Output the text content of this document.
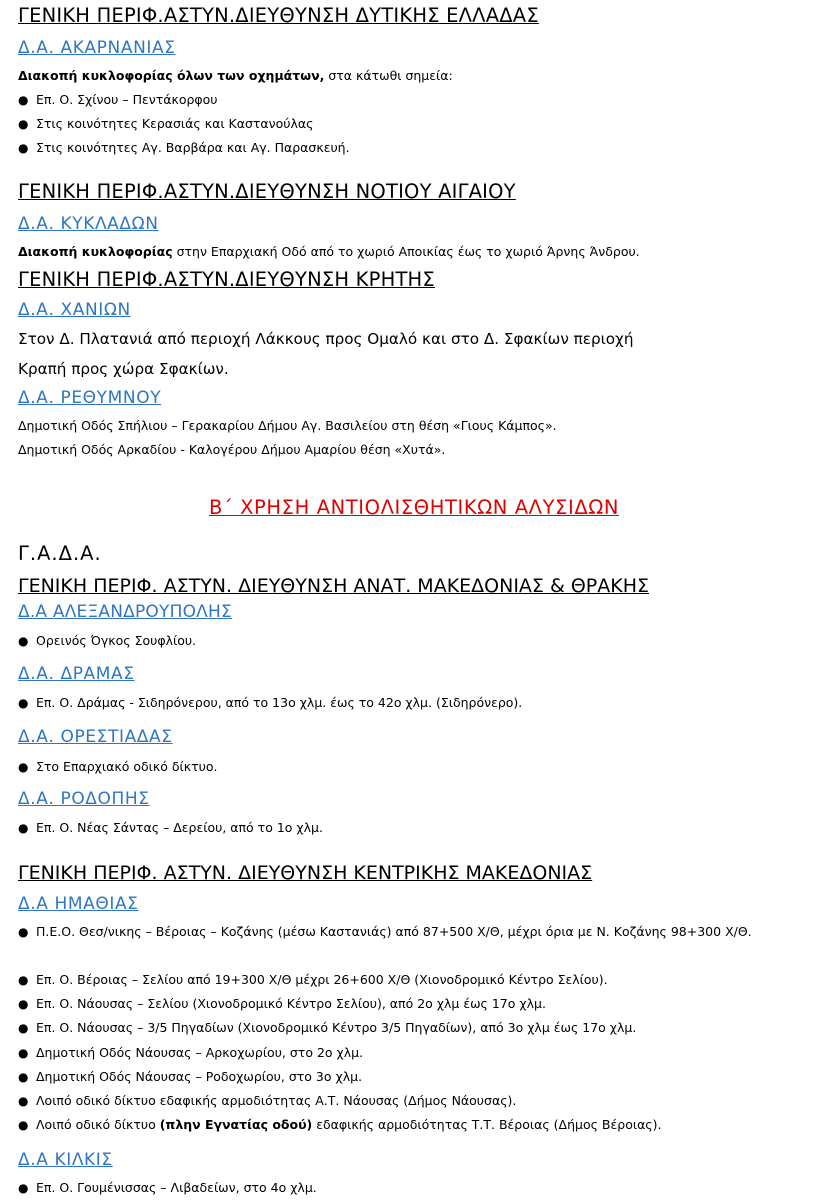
ΓΕΝΙΚΗ ΠΕΡΙΦ.ΑΣΤΥΝ.ΔΙΕΥΘΥΝΣΗ ΔΥΤΙΚΗΣ ΕΛΛΑΔΑΣ
Δ.Α. ΑΚΑΡΝΑΝΙΑΣ
Διακοπή κυκλοφορίας όλων των οχημάτων, στα κάτωθι σημεία:
● Επ. Ο. Σχίνου – Πεντάκορφου
● Στις κοινότητες Κερασιάς και Καστανούλας
● Στις κοινότητες Αγ. Βαρβάρα και Αγ. Παρασκευή.
ΓΕΝΙΚΗ ΠΕΡΙΦ.ΑΣΤΥΝ.ΔΙΕΥΘΥΝΣΗ ΝΟΤΙΟΥ ΑΙΓΑΙΟΥ
Δ.Α. ΚΥΚΛΑΔΩΝ
Διακοπή κυκλοφορίας στην Επαρχιακή Οδό από το χωριό Αποικίας έως το χωριό Άρνης Άνδρου.
ΓΕΝΙΚΗ ΠΕΡΙΦ.ΑΣΤΥΝ.ΔΙΕΥΘΥΝΣΗ ΚΡΗΤΗΣ
Δ.Α. ΧΑΝΙΩΝ
Στον Δ. Πλατανιά από περιοχή Λάκκους προς Ομαλό και στο Δ. Σφακίων περιοχή
Κραπή προς χώρα Σφακίων.
Δ.Α. ΡΕΘΥΜΝΟΥ
Δημοτική Οδός Σπήλιου – Γερακαρίου Δήμου Αγ. Βασιλείου στη θέση «Γιους Κάμπος».
Δημοτική Οδός Αρκαδίου - Καλογέρου Δήμου Αμαρίου θέση «Χυτά».
Β΄ ΧΡΗΣΗ ΑΝΤΙΟΛΙΣΘΗΤΙΚΩΝ ΑΛΥΣΙΔΩΝ
Γ.Α.Δ.Α.
ΓΕΝΙΚΗ ΠΕΡΙΦ. ΑΣΤΥΝ. ΔΙΕΥΘΥΝΣΗ ΑΝΑΤ. ΜΑΚΕΔΟΝΙΑΣ & ΘΡΑΚΗΣ
Δ.Α ΑΛΕΞΑΝΔΡΟΥΠΟΛΗΣ
● Ορεινός Όγκος Σουφλίου.
Δ.Α. ΔΡΑΜΑΣ
● Επ. Ο. Δράμας - Σιδηρόνερου, από το 13ο χλμ. έως το 42ο χλμ. (Σιδηρόνερο).
Δ.Α. ΟΡΕΣΤΙΑΔΑΣ
● Στο Επαρχιακό οδικό δίκτυο.
Δ.Α. ΡΟΔΟΠΗΣ
● Επ. Ο. Νέας Σάντας – Δερείου, από το 1ο χλμ.
ΓΕΝΙΚΗ ΠΕΡΙΦ. ΑΣΤΥΝ. ΔΙΕΥΘΥΝΣΗ ΚΕΝΤΡΙΚΗΣ ΜΑΚΕΔΟΝΙΑΣ
Δ.Α ΗΜΑΘΙΑΣ
● Π.Ε.Ο. Θεσ/νικης – Βέροιας – Κοζάνης (μέσω Καστανιάς) από 87+500 Χ/Θ, μέχρι όρια με Ν. Κοζάνης 98+300 Χ/Θ.
● Επ. Ο. Βέροιας – Σελίου από 19+300 Χ/Θ μέχρι 26+600 Χ/Θ (Χιονοδρομικό Κέντρο Σελίου).
● Επ. Ο. Νάουσας – Σελίου (Χιονοδρομικό Κέντρο Σελίου), από 2ο χλμ έως 17ο χλμ.
● Επ. Ο. Νάουσας – 3/5 Πηγαδίων (Χιονοδρομικό Κέντρο 3/5 Πηγαδίων), από 3ο χλμ έως 17ο χλμ.
● Δημοτική Οδός Νάουσας – Αρκοχωρίου, στο 2ο χλμ.
● Δημοτική Οδός Νάουσας – Ροδοχωρίου, στο 3ο χλμ.
● Λοιπό οδικό δίκτυο εδαφικής αρμοδιότητας Α.Τ. Νάουσας (Δήμος Νάουσας).
● Λοιπό οδικό δίκτυο (πλην Εγνατίας οδού) εδαφικής αρμοδιότητας Τ.Τ. Βέροιας (Δήμος Βέροιας).
Δ.Α ΚΙΛΚΙΣ
● Επ. Ο. Γουμένισσας – Λιβαδείων, στο 4ο χλμ.
